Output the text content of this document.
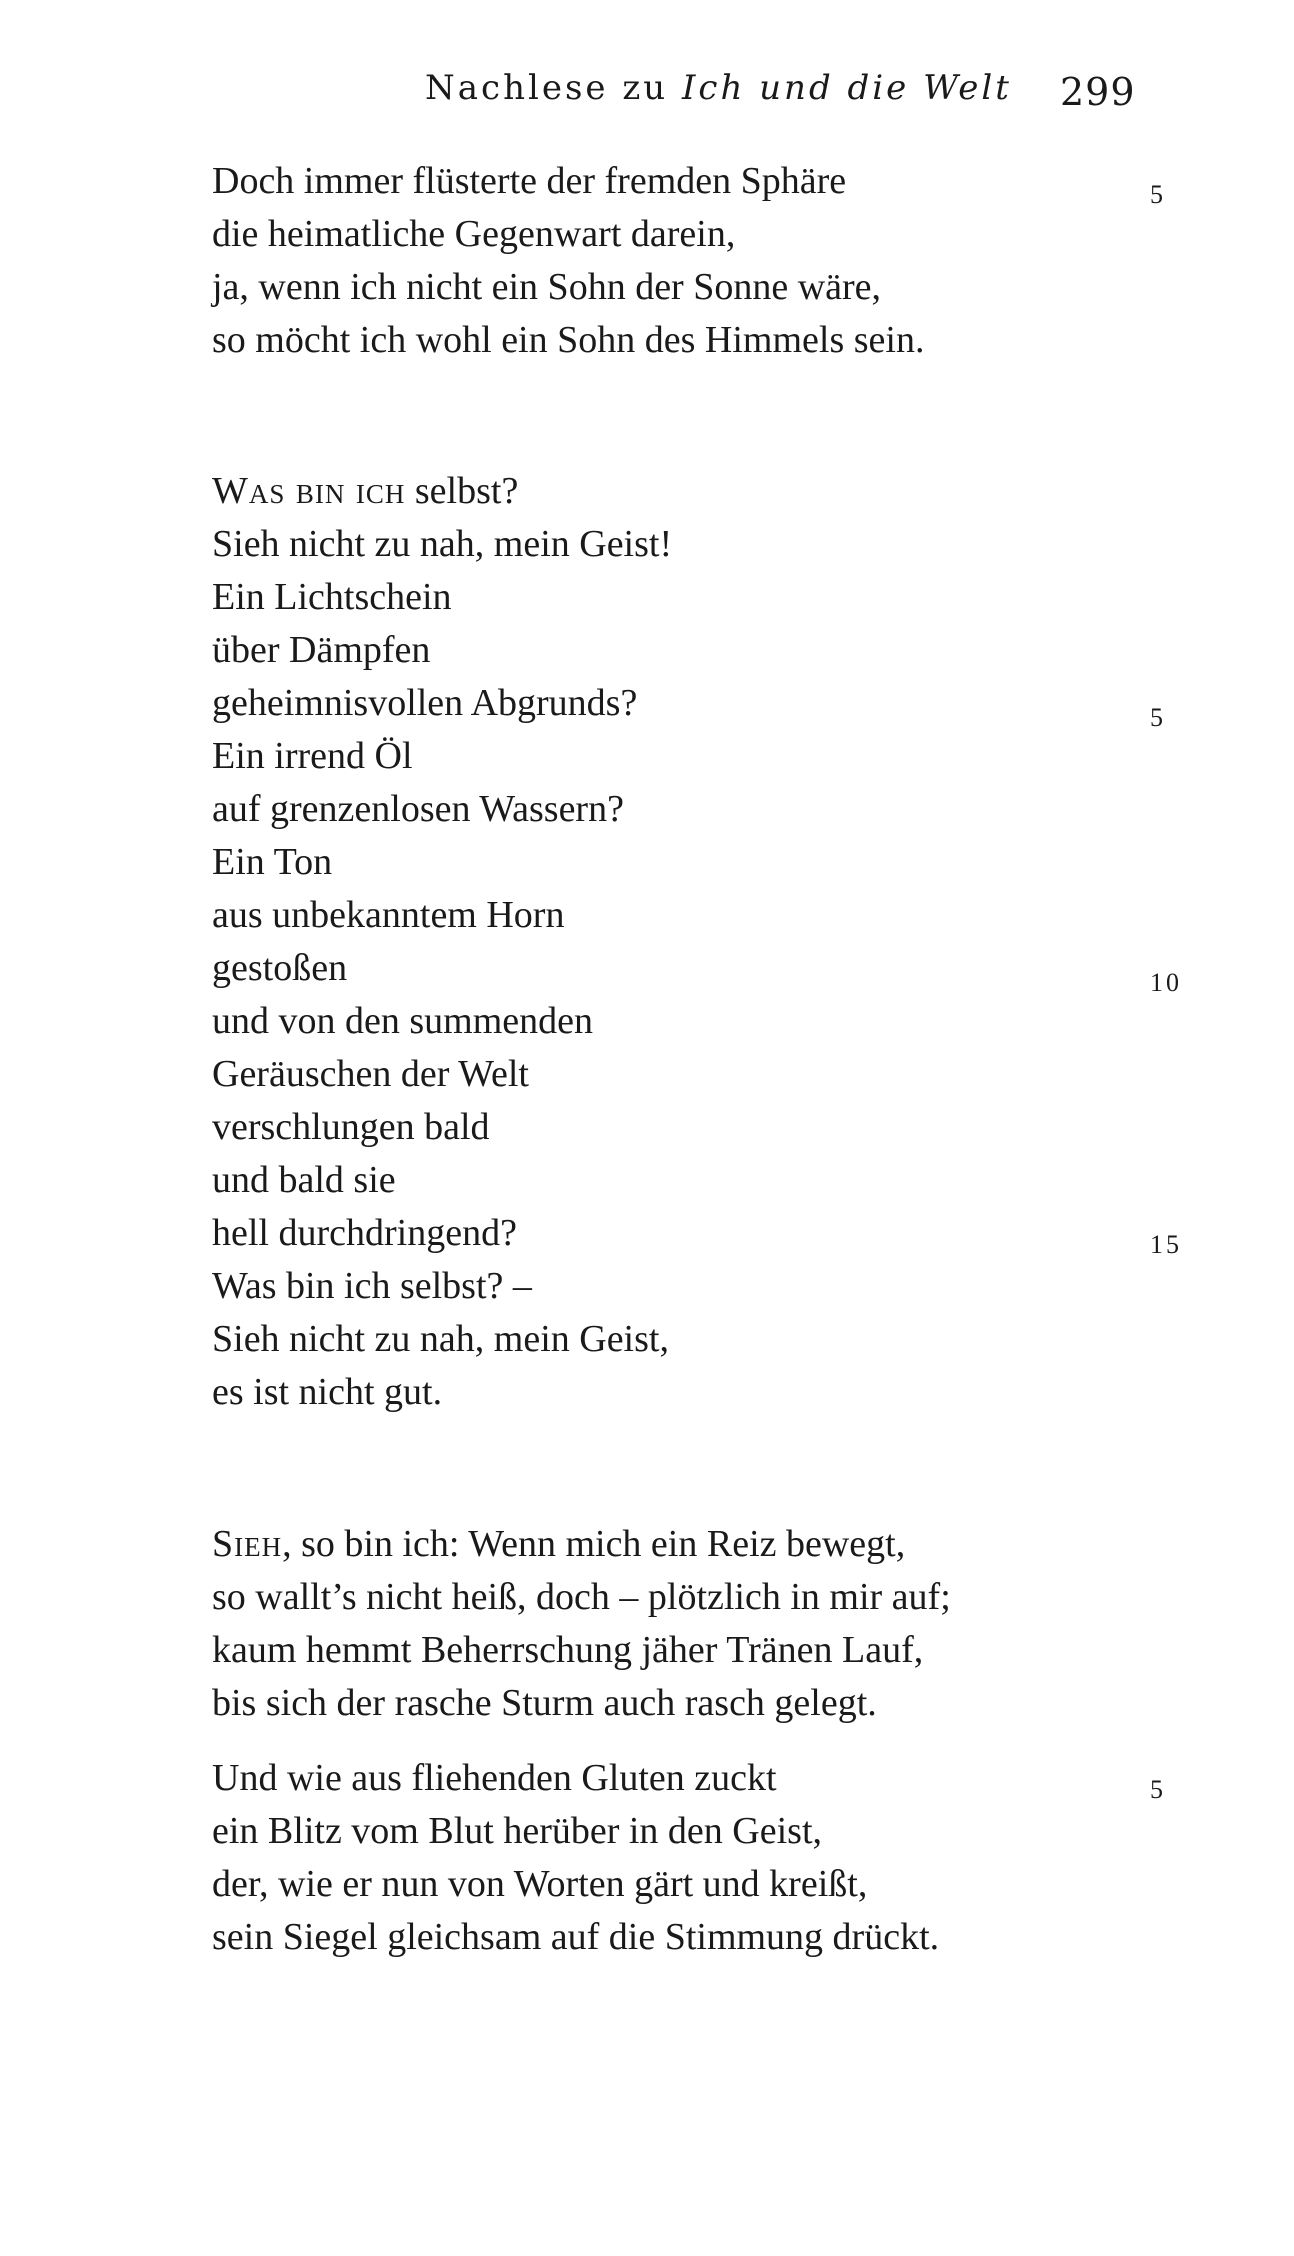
Nachlese zu Ich und die Welt 299
Doch immer flüsterte der fremden Sphäre
die heimatliche Gegenwart darein,
ja, wenn ich nicht ein Sohn der Sonne wäre,
so möcht ich wohl ein Sohn des Himmels sein.
5
Was bin ich selbst?
Sieh nicht zu nah, mein Geist!
Ein Lichtschein
über Dämpfen
geheimnisvollen Abgrunds?
Ein irrend Öl
auf grenzenlosen Wassern?
Ein Ton
aus unbekanntem Horn
gestoßen
und von den summenden
Geräuschen der Welt
verschlungen bald
und bald sie
hell durchdringend?
Was bin ich selbst? –
Sieh nicht zu nah, mein Geist,
es ist nicht gut.
5
10
15
Sieh, so bin ich: Wenn mich ein Reiz bewegt,
so wallt’s nicht heiß, doch – plötzlich in mir auf;
kaum hemmt Beherrschung jäher Tränen Lauf,
bis sich der rasche Sturm auch rasch gelegt.
Und wie aus fliehenden Gluten zuckt
ein Blitz vom Blut herüber in den Geist,
der, wie er nun von Worten gärt und kreißt,
sein Siegel gleichsam auf die Stimmung drückt.
5
